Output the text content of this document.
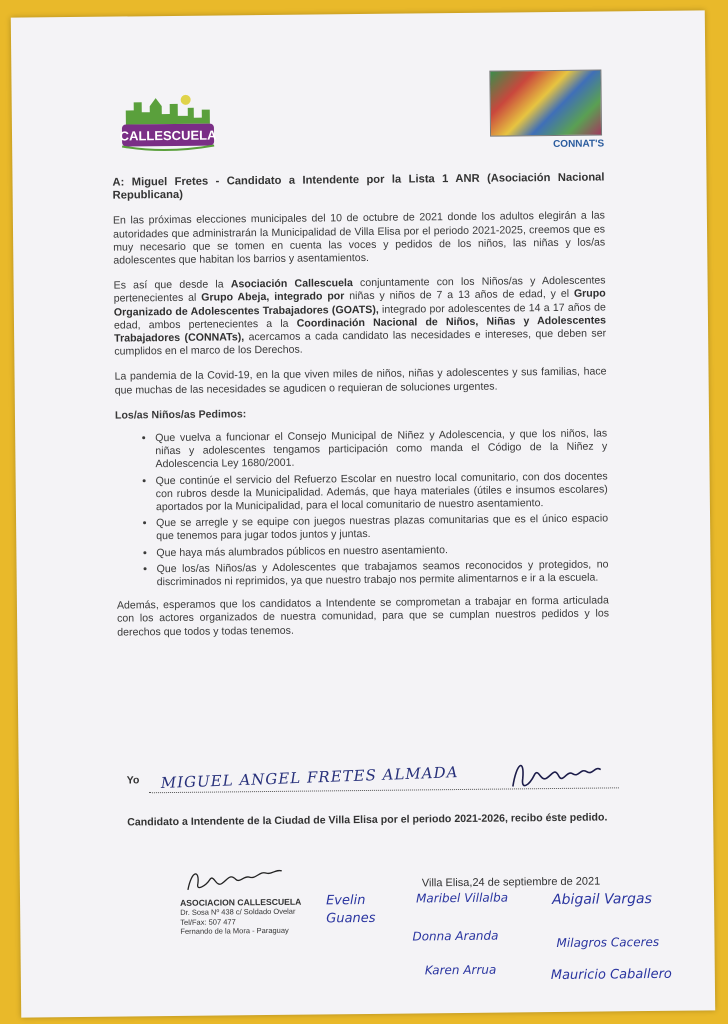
CALLESCUELA
CONNAT'S
A: Miguel Fretes - Candidato a Intendente por la Lista 1 ANR (Asociación Nacional Republicana)

En las próximas elecciones municipales del 10 de octubre de 2021 donde los adultos elegirán a las autoridades que administrarán la Municipalidad de Villa Elisa por el periodo 2021-2025, creemos que es muy necesario que se tomen en cuenta las voces y pedidos de los niños, las niñas y los/as adolescentes que habitan los barrios y asentamientos.

Es así que desde la Asociación Callescuela conjuntamente con los Niños/as y Adolescentes pertenecientes al Grupo Abeja, integrado por niñas y niños de 7 a 13 años de edad, y el Grupo Organizado de Adolescentes Trabajadores (GOATS), integrado por adolescentes de 14 a 17 años de edad, ambos pertenecientes a la Coordinación Nacional de Niños, Niñas y Adolescentes Trabajadores (CONNATs), acercamos a cada candidato las necesidades e intereses, que deben ser cumplidos en el marco de los Derechos.

La pandemia de la Covid-19, en la que viven miles de niños, niñas y adolescentes y sus familias, hace que muchas de las necesidades se agudicen o requieran de soluciones urgentes.

Los/as Niños/as Pedimos:
• Que vuelva a funcionar el Consejo Municipal de Niñez y Adolescencia, y que los niños, las niñas y adolescentes tengamos participación como manda el Código de la Niñez y Adolescencia Ley 1680/2001.
• Que continúe el servicio del Refuerzo Escolar en nuestro local comunitario, con dos docentes con rubros desde la Municipalidad. Además, que haya materiales (útiles e insumos escolares) aportados por la Municipalidad, para el local comunitario de nuestro asentamiento.
• Que se arregle y se equipe con juegos nuestras plazas comunitarias que es el único espacio que tenemos para jugar todos juntos y juntas.
• Que haya más alumbrados públicos en nuestro asentamiento.
• Que los/as Niños/as y Adolescentes que trabajamos seamos reconocidos y protegidos, no discriminados ni reprimidos, ya que nuestro trabajo nos permite alimentarnos e ir a la escuela.

Además, esperamos que los candidatos a Intendente se comprometan a trabajar en forma articulada con los actores organizados de nuestra comunidad, para que se cumplan nuestros pedidos y los derechos que todos y todas tenemos.

Yo MIGUEL ANGEL FRETES ALMADA
Candidato a Intendente de la Ciudad de Villa Elisa por el periodo 2021-2026, recibo éste pedido.
ASOCIACION CALLESCUELA
Dr. Sosa Nº 438 c/ Soldado Ovelar
Tel/Fax: 507 477
Fernando de la Mora - Paraguay
Villa Elisa,24 de septiembre de 2021
Evelin Guanes
Maribel Villalba	Abigail Vargas
Donna Aranda	Milagros Caceres
Karen Arrua	Mauricio Caballero
